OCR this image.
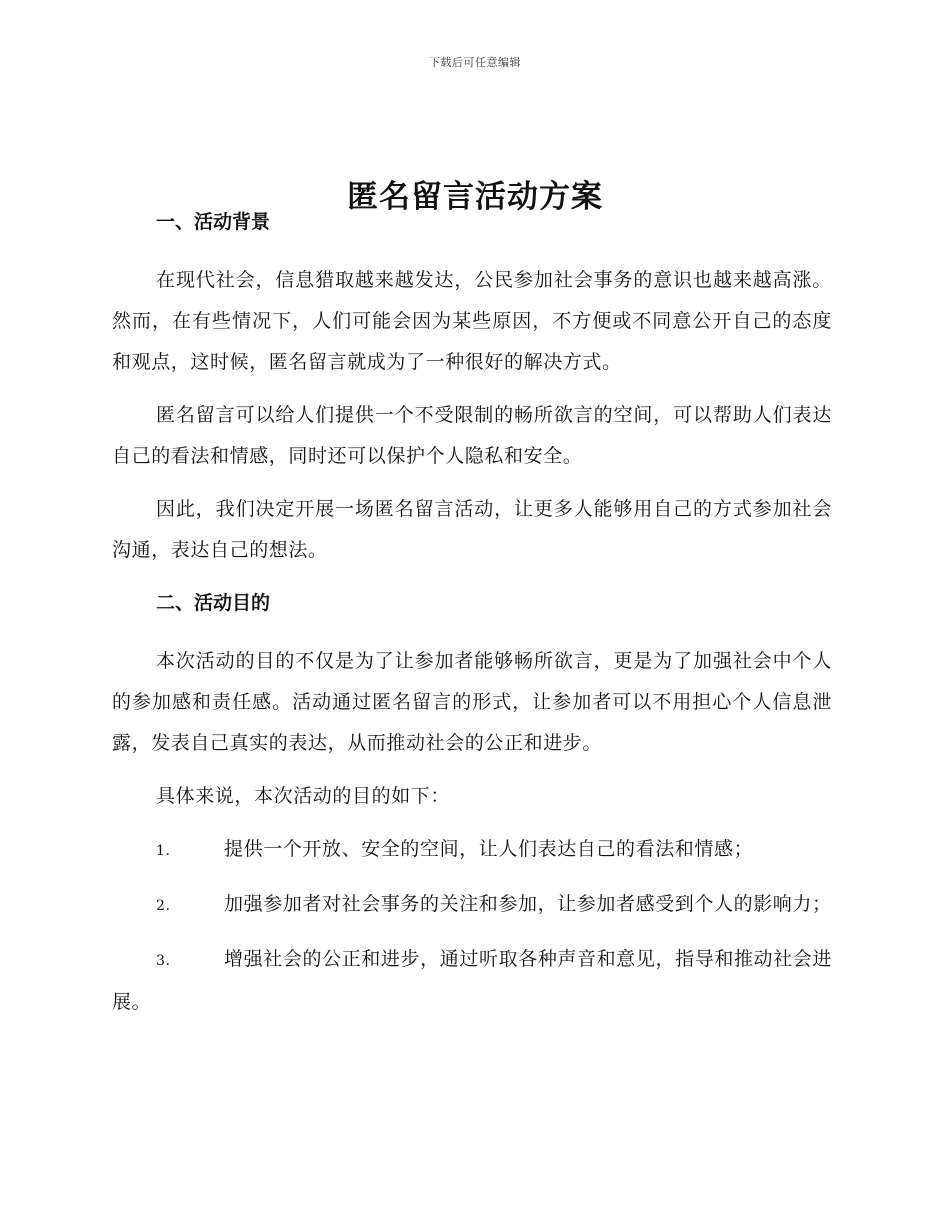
下载后可任意编辑
匿名留言活动方案
一、活动背景

在现代社会，信息猎取越来越发达，公民参加社会事务的意识也越来越高涨。然而，在有些情况下，人们可能会因为某些原因，不方便或不同意公开自己的态度和观点，这时候，匿名留言就成为了一种很好的解决方式。

匿名留言可以给人们提供一个不受限制的畅所欲言的空间，可以帮助人们表达自己的看法和情感，同时还可以保护个人隐私和安全。

因此，我们决定开展一场匿名留言活动，让更多人能够用自己的方式参加社会沟通，表达自己的想法。

二、活动目的

本次活动的目的不仅是为了让参加者能够畅所欲言，更是为了加强社会中个人的参加感和责任感。活动通过匿名留言的形式，让参加者可以不用担心个人信息泄露，发表自己真实的表达，从而推动社会的公正和进步。

具体来说，本次活动的目的如下：

1.	提供一个开放、安全的空间，让人们表达自己的看法和情感；

2.	加强参加者对社会事务的关注和参加，让参加者感受到个人的影响力；

3.	增强社会的公正和进步，通过听取各种声音和意见，指导和推动社会进展。
